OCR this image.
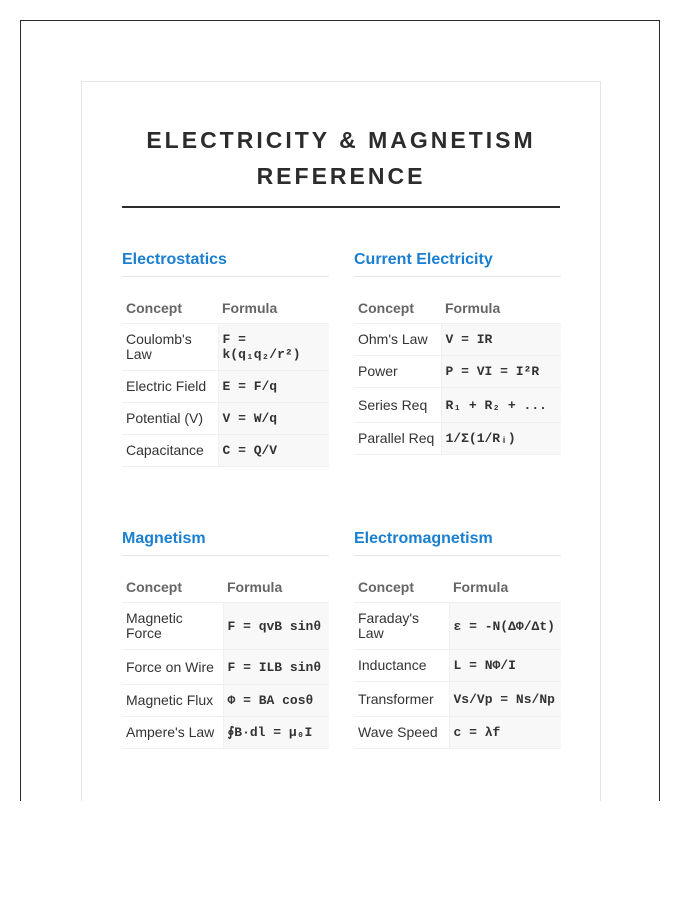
ELECTRICITY & MAGNETISM REFERENCE
Electrostatics
Concept	Formula
Coulomb's Law	F = k(q₁q₂/r²)
Electric Field	E = F/q
Potential (V)	V = W/q
Capacitance	C = Q/V
Current Electricity
Concept	Formula
Ohm's Law	V = IR
Power	P = VI = I²R
Series Req	R₁ + R₂ + ...
Parallel Req	1/Σ(1/Rᵢ)
Magnetism
Concept	Formula
Magnetic Force	F = qvB sinθ
Force on Wire	F = ILB sinθ
Magnetic Flux	Φ = BA cosθ
Ampere's Law	∮B·dl = μ₀I
Electromagnetism
Concept	Formula
Faraday's Law	ε = -N(ΔΦ/Δt)
Inductance	L = NΦ/I
Transformer	Vs/Vp = Ns/Np
Wave Speed	c = λf
